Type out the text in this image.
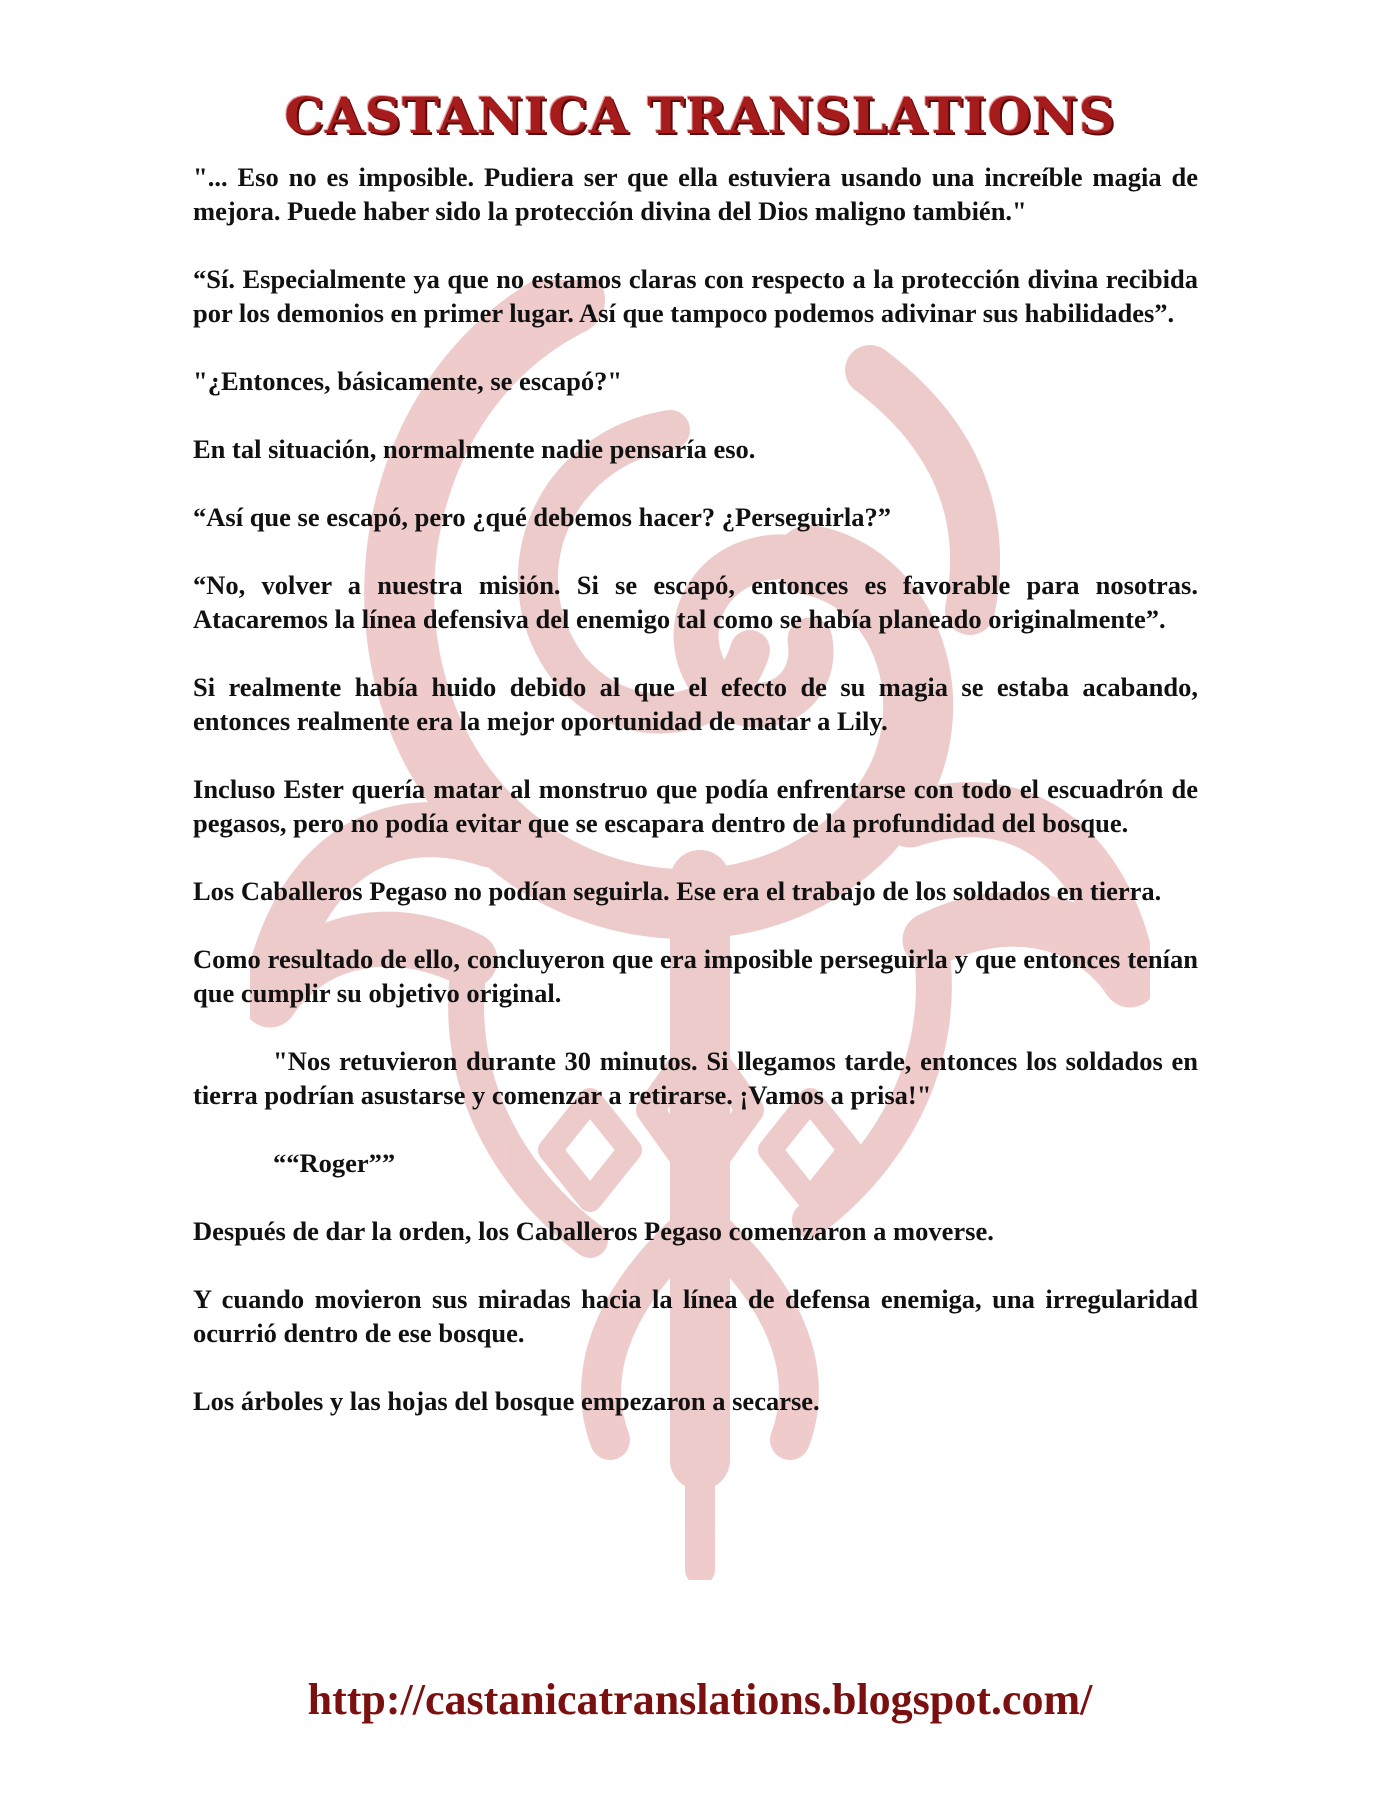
CASTANICA TRANSLATIONS

"... Eso no es imposible. Pudiera ser que ella estuviera usando una increíble magia de mejora. Puede haber sido la protección divina del Dios maligno también."

“Sí. Especialmente ya que no estamos claras con respecto a la protección divina recibida por los demonios en primer lugar. Así que tampoco podemos adivinar sus habilidades”.

"¿Entonces, básicamente, se escapó?"

En tal situación, normalmente nadie pensaría eso.

“Así que se escapó, pero ¿qué debemos hacer? ¿Perseguirla?”

“No, volver a nuestra misión. Si se escapó, entonces es favorable para nosotras. Atacaremos la línea defensiva del enemigo tal como se había planeado originalmente”.

Si realmente había huido debido al que el efecto de su magia se estaba acabando, entonces realmente era la mejor oportunidad de matar a Lily.

Incluso Ester quería matar al monstruo que podía enfrentarse con todo el escuadrón de pegasos, pero no podía evitar que se escapara dentro de la profundidad del bosque.

Los Caballeros Pegaso no podían seguirla. Ese era el trabajo de los soldados en tierra.

Como resultado de ello, concluyeron que era imposible perseguirla y que entonces tenían que cumplir su objetivo original.

"Nos retuvieron durante 30 minutos. Si llegamos tarde, entonces los soldados en tierra podrían asustarse y comenzar a retirarse. ¡Vamos a prisa!"

““Roger””

Después de dar la orden, los Caballeros Pegaso comenzaron a moverse.

Y cuando movieron sus miradas hacia la línea de defensa enemiga, una irregularidad ocurrió dentro de ese bosque.

Los árboles y las hojas del bosque empezaron a secarse.

http://castanicatranslations.blogspot.com/
